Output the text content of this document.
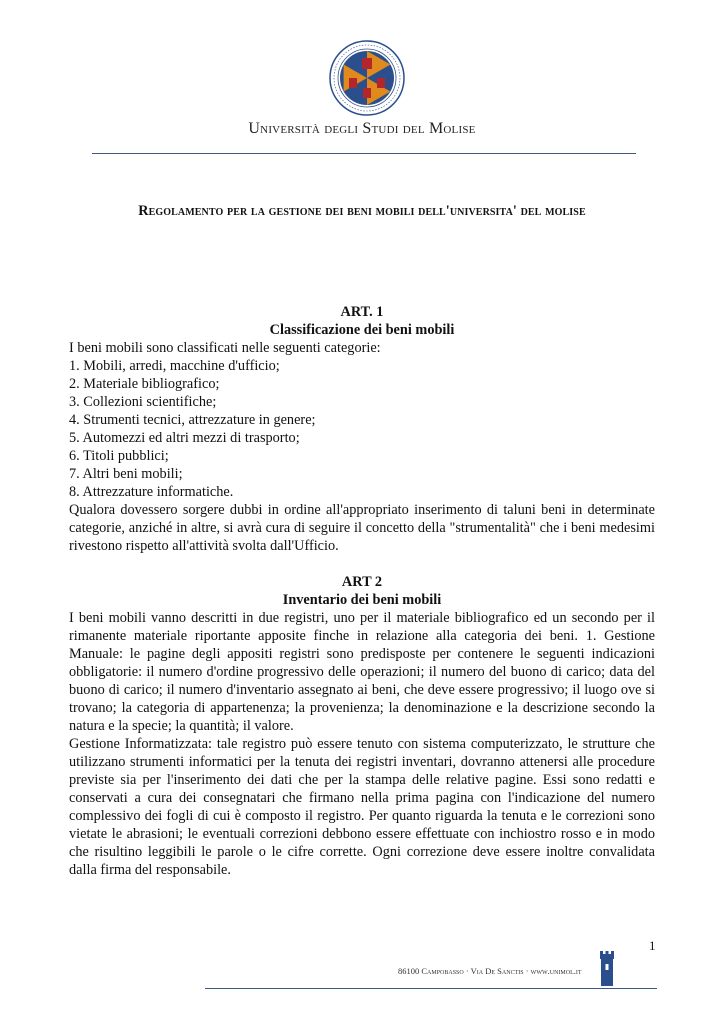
Università degli Studi del Molise
Regolamento per la gestione dei beni mobili dell'universita' del molise

ART. 1

Classificazione dei beni mobili

I beni mobili sono classificati nelle seguenti categorie:

1. Mobili, arredi, macchine d'ufficio;

2. Materiale bibliografico;

3. Collezioni scientifiche;

4. Strumenti tecnici, attrezzature in genere;

5. Automezzi ed altri mezzi di trasporto;

6. Titoli pubblici;

7. Altri beni mobili;

8. Attrezzature informatiche.

Qualora dovessero sorgere dubbi in ordine all'appropriato inserimento di taluni beni in determinate categorie, anziché in altre, si avrà cura di seguire il concetto della "strumentalità" che i beni medesimi rivestono rispetto all'attività svolta dall'Ufficio.

ART 2

Inventario dei beni mobili

I beni mobili vanno descritti in due registri, uno per il materiale bibliografico ed un secondo per il rimanente materiale riportante apposite finche in relazione alla categoria dei beni. 1. Gestione Manuale: le pagine degli appositi registri sono predisposte per contenere le seguenti indicazioni obbligatorie: il numero d'ordine progressivo delle operazioni; il numero del buono di carico; data del buono di carico; il numero d'inventario assegnato ai beni, che deve essere progressivo; il luogo ove si trovano; la categoria di appartenenza; la provenienza; la denominazione e la descrizione secondo la natura e la specie; la quantità; il valore.

Gestione Informatizzata: tale registro può essere tenuto con sistema computerizzato, le strutture che utilizzano strumenti informatici per la tenuta dei registri inventari, dovranno attenersi alle procedure previste sia per l'inserimento dei dati che per la stampa delle relative pagine. Essi sono redatti e conservati a cura dei consegnatari che firmano nella prima pagina con l'indicazione del numero complessivo dei fogli di cui è composto il registro. Per quanto riguarda la tenuta e le correzioni sono vietate le abrasioni; le eventuali correzioni debbono essere effettuate con inchiostro rosso e in modo che risultino leggibili le parole o le cifre corrette. Ogni correzione deve essere inoltre convalidata dalla firma del responsabile.

1
86100 Campobasso · Via De Sanctis · www.unimol.it
